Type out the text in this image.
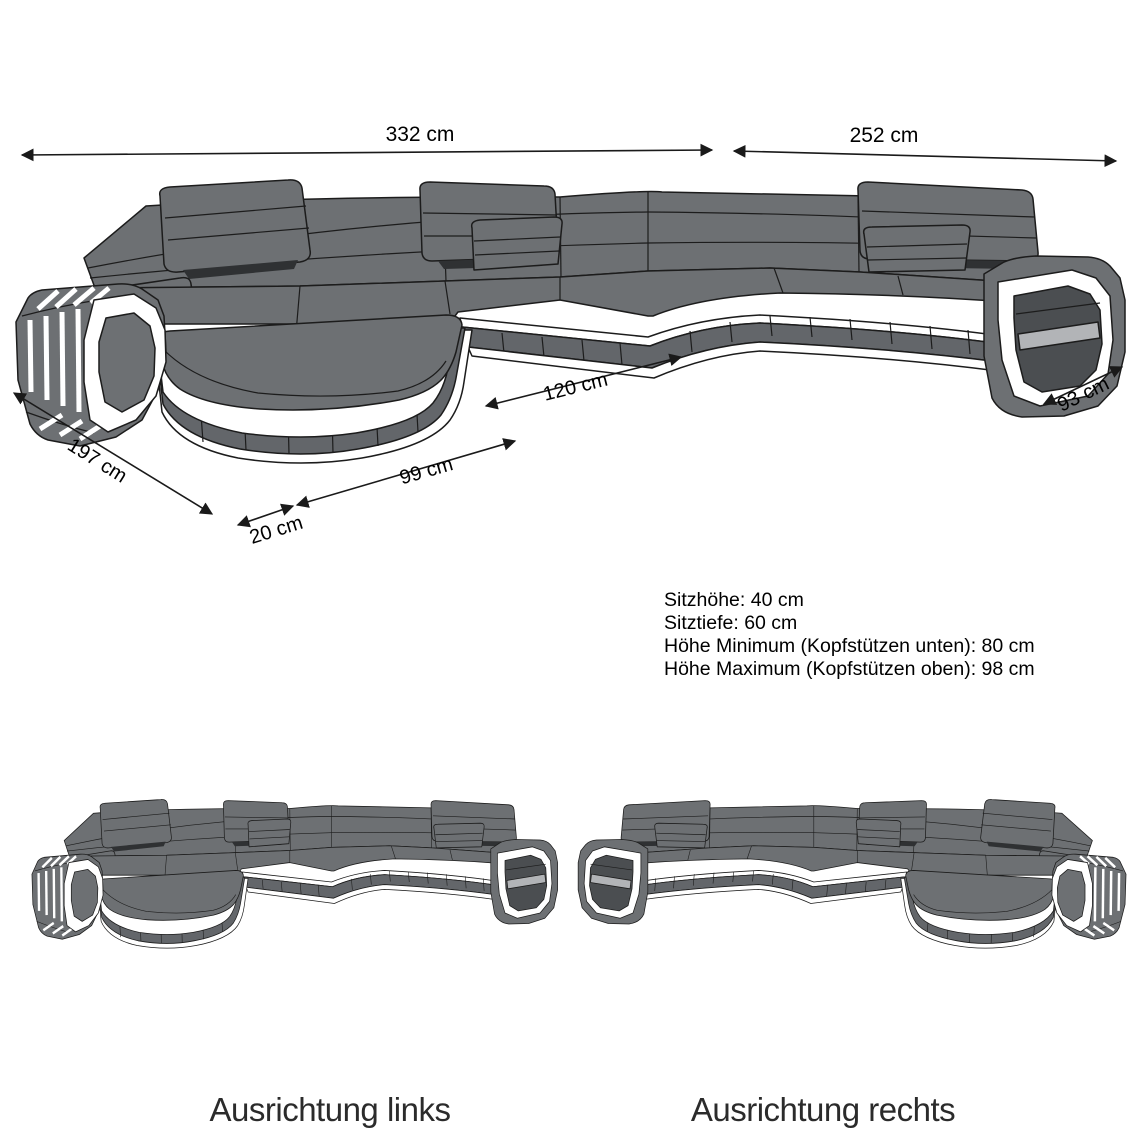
332 cm	252 cm
120 cm	93 cm
197 cm	99 cm
20 cm
Sitzhöhe: 40 cm
Sitztiefe: 60 cm
Höhe Minimum (Kopfstützen unten): 80 cm
Höhe Maximum (Kopfstützen oben): 98 cm
Ausrichtung links	Ausrichtung rechts
